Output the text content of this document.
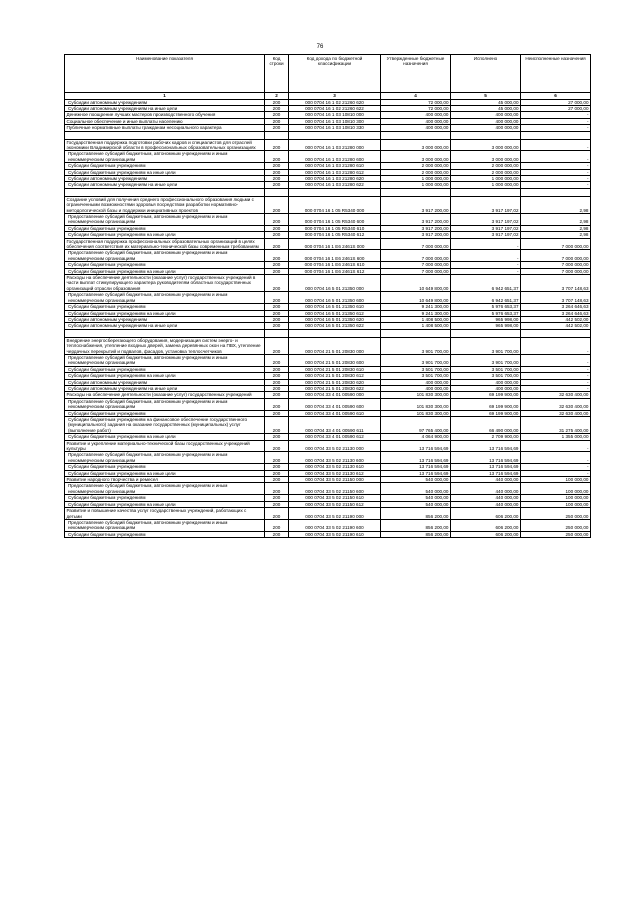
76
Наименование показателя	Код строки	Код дохода по бюджетной классификации	Утвержденные бюджетные назначения	Исполнено	Неисполненные назначения
1	2	3	4	5	6
Субсидии автономным учреждениям	200	000 0704 16 1 02 21260 620	72 000,00	45 000,00	27 000,00
Субсидии автономным учреждениям на иные цели	200	000 0704 16 1 02 21260 622	72 000,00	45 000,00	27 000,00
Денежное поощрение лучших мастеров производственного обучения	200	000 0704 16 1 03 10810 000	400 000,00	400 000,00	-
Социальное обеспечение и иные выплаты населению	200	000 0704 16 1 03 10810 300	400 000,00	400 000,00	-
Публичные нормативные выплаты гражданам несоциального характера	200	000 0704 16 1 03 10810 330	400 000,00	400 000,00	-

Государственная поддержка подготовки рабочих кадров и специалистов для отраслей экономики Владимирской области в профессиональных образовательных организациях	200	000 0704 16 1 03 21280 000	3 000 000,00	3 000 000,00	-
Предоставление субсидий бюджетным, автономным учреждениям и иным некоммерческим организациям	200	000 0704 16 1 03 21280 600	3 000 000,00	3 000 000,00	-
Субсидии бюджетным учреждениям	200	000 0704 16 1 03 21280 610	2 000 000,00	2 000 000,00	-
Субсидии бюджетным учреждениям на иные цели	200	000 0704 16 1 03 21280 612	2 000 000,00	2 000 000,00	-
Субсидии автономным учреждениям	200	000 0704 16 1 03 21280 620	1 000 000,00	1 000 000,00	-
Субсидии автономным учреждениям на иные цели	200	000 0704 16 1 03 21280 622	1 000 000,00	1 000 000,00	-

Создание условий для получения среднего профессионального образования людьми с ограниченными возможностями здоровья посредством разработки нормативно-методологической базы и поддержки инициативных проектов	200	000 0704 16 1 05 R5340 000	3 917 200,00	3 917 197,02	2,98
Предоставление субсидий бюджетным, автономным учреждениям и иным некоммерческим организациям	200	000 0704 16 1 05 R5340 600	3 917 200,00	3 917 197,02	2,98
Субсидии бюджетным учреждениям	200	000 0704 16 1 05 R5340 610	3 917 200,00	3 917 197,02	2,98
Субсидии бюджетным учреждениям на иные цели	200	000 0704 16 1 05 R5340 612	3 917 200,00	3 917 197,02	2,98
Государственная поддержка профессиональных образовательных организаций в целях обеспечения соответствия их материально-технической базы современным требованиям	200	000 0704 16 1 E6 2461S 000	7 000 000,00	-	7 000 000,00
Предоставление субсидий бюджетным, автономным учреждениям и иным некоммерческим организациям	200	000 0704 16 1 E6 2461S 600	7 000 000,00	-	7 000 000,00
Субсидии бюджетным учреждениям	200	000 0704 16 1 E6 2461S 610	7 000 000,00	-	7 000 000,00
Субсидии бюджетным учреждениям на иные цели	200	000 0704 16 1 E6 2461S 612	7 000 000,00	-	7 000 000,00
Расходы на обеспечение деятельности (оказание услуг) государственных учреждений в части выплат стимулирующего характера руководителям областных государственных организаций отрасли образования	200	000 0704 16 5 01 21350 000	10 649 800,00	6 942 651,37	3 707 148,63
Предоставление субсидий бюджетным, автономным учреждениям и иным некоммерческим организациям	200	000 0704 16 5 01 21350 600	10 649 800,00	6 942 651,37	3 707 148,63
Субсидии бюджетным учреждениям	200	000 0704 16 5 01 21350 610	9 241 300,00	5 976 653,37	3 264 646,63
Субсидии бюджетным учреждениям на иные цели	200	000 0704 16 5 01 21350 612	9 241 300,00	5 976 653,37	3 264 646,63
Субсидии автономным учреждениям	200	000 0704 16 5 01 21350 620	1 408 500,00	965 998,00	442 502,00
Субсидии автономным учреждениям на иные цели	200	000 0704 16 5 01 21350 622	1 408 500,00	965 998,00	442 502,00

Внедрение энергосберегающего оборудования, модернизация систем энерго- и теплоснабжения, утепление входных дверей, замена деревянных окон на ПВХ, утепление чердачных перекрытий и подвалов, фасадов, установка теплосчетчиков	200	000 0704 21 5 01 20830 000	3 901 700,00	3 901 700,00	-
Предоставление субсидий бюджетным, автономным учреждениям и иным некоммерческим организациям	200	000 0704 21 5 01 20830 600	3 901 700,00	3 901 700,00	-
Субсидии бюджетным учреждениям	200	000 0704 21 5 01 20830 610	3 501 700,00	3 501 700,00	-
Субсидии бюджетным учреждениям на иные цели	200	000 0704 21 5 01 20830 612	3 501 700,00	3 501 700,00	-
Субсидии автономным учреждениям	200	000 0704 21 5 01 20830 620	400 000,00	400 000,00	-
Субсидии автономным учреждениям на иные цели	200	000 0704 21 5 01 20830 622	400 000,00	400 000,00	-
Расходы на обеспечение деятельности (оказание услуг) государственных учреждений	200	000 0704 33 4 01 00590 000	101 830 300,00	69 199 900,00	32 630 400,00
Предоставление субсидий бюджетным, автономным учреждениям и иным некоммерческим организациям	200	000 0704 33 4 01 00590 600	101 830 300,00	69 199 900,00	32 630 400,00
Субсидии бюджетным учреждениям	200	000 0704 33 4 01 00590 610	101 830 300,00	69 199 900,00	32 630 400,00
Субсидии бюджетным учреждениям на финансовое обеспечение государственного (муниципального) задания на оказание государственных (муниципальных) услуг (выполнение работ)	200	000 0704 33 4 01 00590 611	97 765 400,00	66 490 000,00	31 275 400,00
Субсидии бюджетным учреждениям на иные цели	200	000 0704 33 4 01 00590 612	4 064 900,00	2 709 900,00	1 355 000,00
Развитие и укрепление материально-технической базы государственных учреждений культуры	200	000 0704 33 5 02 21130 000	13 716 594,69	13 716 594,69	-
Предоставление субсидий бюджетным, автономным учреждениям и иным некоммерческим организациям	200	000 0704 33 5 02 21130 600	13 716 594,69	13 716 594,69	-
Субсидии бюджетным учреждениям	200	000 0704 33 5 02 21130 610	13 716 594,69	13 716 594,69	-
Субсидии бюджетным учреждениям на иные цели	200	000 0704 33 5 02 21130 612	13 716 594,69	13 716 594,69	-
Развитие народного творчества и ремесел	200	000 0704 33 5 02 21150 000	540 000,00	440 000,00	100 000,00
Предоставление субсидий бюджетным, автономным учреждениям и иным некоммерческим организациям	200	000 0704 33 5 02 21150 600	540 000,00	440 000,00	100 000,00
Субсидии бюджетным учреждениям	200	000 0704 33 5 02 21150 610	540 000,00	440 000,00	100 000,00
Субсидии бюджетным учреждениям на иные цели	200	000 0704 33 5 02 21150 612	540 000,00	440 000,00	100 000,00
Развитие и повышение качества услуг государственных учреждений, работающих с детьми	200	000 0704 33 5 02 21190 000	856 200,00	606 200,00	250 000,00
Предоставление субсидий бюджетным, автономным учреждениям и иным некоммерческим организациям	200	000 0704 33 5 02 21190 600	856 200,00	606 200,00	250 000,00
Субсидии бюджетным учреждениям	200	000 0704 33 5 02 21190 610	856 200,00	606 200,00	250 000,00
